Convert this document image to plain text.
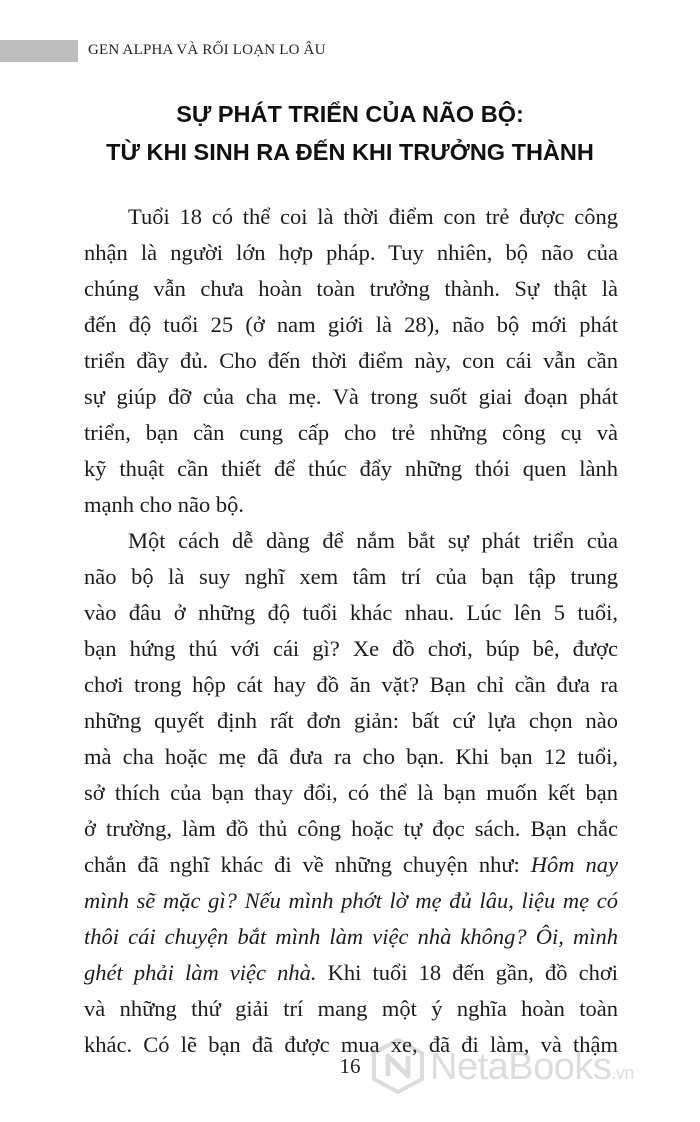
GEN ALPHA VÀ RỐI LOẠN LO ÂU
SỰ PHÁT TRIỂN CỦA NÃO BỘ:
TỪ KHI SINH RA ĐẾN KHI TRƯỞNG THÀNH
Tuổi 18 có thể coi là thời điểm con trẻ được công
nhận là người lớn hợp pháp. Tuy nhiên, bộ não của
chúng vẫn chưa hoàn toàn trưởng thành. Sự thật là
đến độ tuổi 25 (ở nam giới là 28), não bộ mới phát
triển đầy đủ. Cho đến thời điểm này, con cái vẫn cần
sự giúp đỡ của cha mẹ. Và trong suốt giai đoạn phát
triển, bạn cần cung cấp cho trẻ những công cụ và
kỹ thuật cần thiết để thúc đẩy những thói quen lành
mạnh cho não bộ.
Một cách dễ dàng để nắm bắt sự phát triển của
não bộ là suy nghĩ xem tâm trí của bạn tập trung
vào đâu ở những độ tuổi khác nhau. Lúc lên 5 tuổi,
bạn hứng thú với cái gì? Xe đồ chơi, búp bê, được
chơi trong hộp cát hay đồ ăn vặt? Bạn chỉ cần đưa ra
những quyết định rất đơn giản: bất cứ lựa chọn nào
mà cha hoặc mẹ đã đưa ra cho bạn. Khi bạn 12 tuổi,
sở thích của bạn thay đổi, có thể là bạn muốn kết bạn
ở trường, làm đồ thủ công hoặc tự đọc sách. Bạn chắc
chắn đã nghĩ khác đi về những chuyện như: Hôm nay
mình sẽ mặc gì? Nếu mình phớt lờ mẹ đủ lâu, liệu mẹ có
thôi cái chuyện bắt mình làm việc nhà không? Ôi, mình
ghét phải làm việc nhà. Khi tuổi 18 đến gần, đồ chơi
và những thứ giải trí mang một ý nghĩa hoàn toàn
khác. Có lẽ bạn đã được mua xe, đã đi làm, và thậm
16	NetaBooks.vn
